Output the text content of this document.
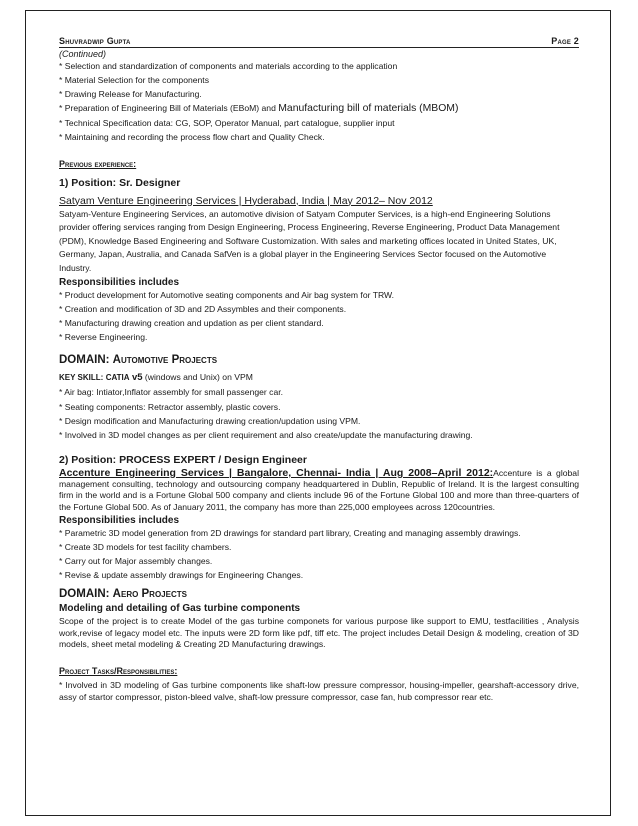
Shuvradwip Gupta	Page 2
(Continued)
* Selection and standardization of components and materials according to the application
* Material Selection for the components
* Drawing Release for Manufacturing.
* Preparation of Engineering Bill of Materials (EBoM) and Manufacturing bill of materials (MBOM)
* Technical Specification data: CG, SOP, Operator Manual, part catalogue, supplier input
* Maintaining and recording the process flow chart and Quality Check.
Previous experience:
1) Position: Sr. Designer
Satyam Venture Engineering Services | Hyderabad, India | May 2012– Nov 2012
Satyam-Venture Engineering Services, an automotive division of Satyam Computer Services, is a high-end Engineering Solutions provider offering services ranging from Design Engineering, Process Engineering, Reverse Engineering, Product Data Management (PDM), Knowledge Based Engineering and Software Customization. With sales and marketing offices located in United States, UK, Germany, Japan, Australia, and Canada SafVen is a global player in the Engineering Services Sector focused on the Automotive Industry.
Responsibilities includes
* Product development for Automotive seating components and Air bag system for TRW.
* Creation and modification of 3D and 2D Assymbles and their components.
* Manufacturing drawing creation and updation as per client standard.
* Reverse Engineering.
DOMAIN: Automotive Projects
KEY SKILL: CATIA v5 (windows and Unix) on VPM
* Air bag: Intiator,Inflator assembly for small passenger car.
* Seating components: Retractor assembly, plastic covers.
* Design modification and Manufacturing drawing creation/updation using VPM.
* Involved in 3D model changes as per client requirement and also create/update the manufacturing drawing.
2) Position: PROCESS EXPERT / Design Engineer
Accenture Engineering Services | Bangalore, Chennai- India | Aug 2008–April 2012:Accenture is a global management consulting, technology and outsourcing company headquartered in Dublin, Republic of Ireland. It is the largest consulting firm in the world and is a Fortune Global 500 company and clients include 96 of the Fortune Global 100 and more than three-quarters of the Fortune Global 500. As of January 2011, the company has more than 225,000 employees across 120countries.
Responsibilities includes
* Parametric 3D model generation from 2D drawings for standard part library, Creating and managing assembly drawings.
* Create 3D models for test facility chambers.
* Carry out for Major assembly changes.
* Revise & update assembly drawings for Engineering Changes.
DOMAIN: Aero Projects
Modeling and detailing of Gas turbine components
Scope of the project is to create Model of the gas turbine componets for various purpose like support to EMU, testfacilities , Analysis work,revise of legacy model etc. The inputs were 2D form like pdf, tiff etc. The project includes Detail Design & modeling, creation of 3D models, sheet metal modeling & Creating 2D Manufacturing drawings.
Project Tasks/Responsibilities:
* Involved in 3D modeling of Gas turbine components like shaft-low pressure compressor, housing-impeller, gearshaft-accessory drive, assy of startor compressor, piston-bleed valve, shaft-low pressure compressor, case fan, hub compressor rear etc.
